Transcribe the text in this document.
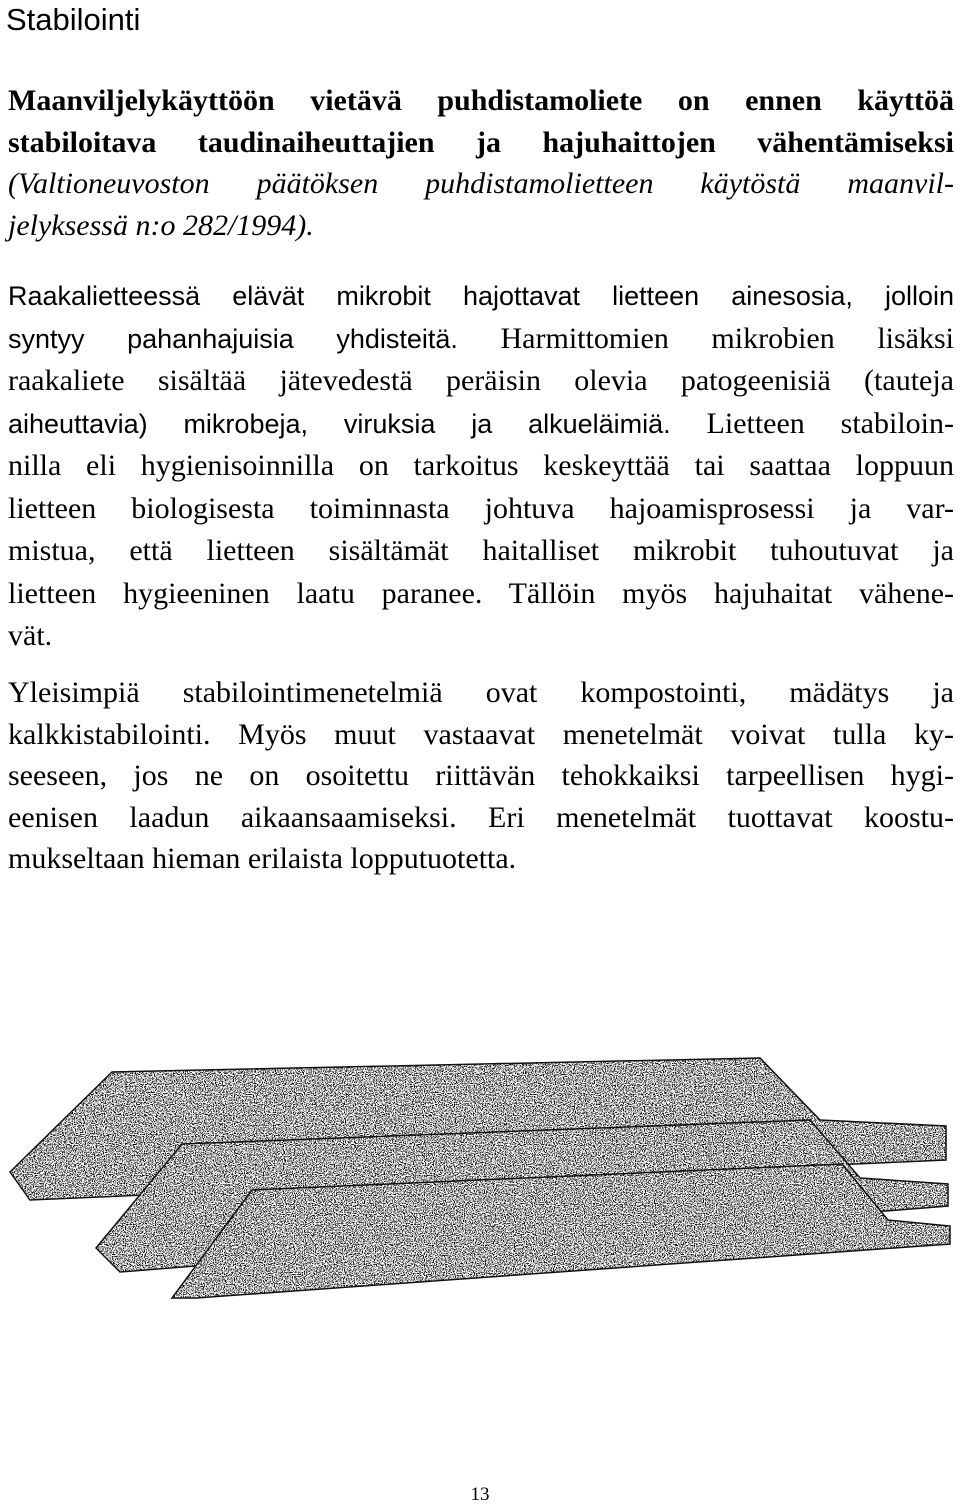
Stabilointi
Maanviljelykäyttöön vietävä puhdistamoliete on ennen käyttöä
stabiloitava taudinaiheuttajien ja hajuhaittojen vähentämiseksi
(Valtioneuvoston päätöksen puhdistamolietteen käytöstä maanvil-
jelyksessä n:o 282/1994).
Raakalietteessä elävät mikrobit hajottavat lietteen ainesosia, jolloin
syntyy pahanhajuisia yhdisteitä. Harmittomien mikrobien lisäksi
raakaliete sisältää jätevedestä peräisin olevia patogeenisiä (tauteja
aiheuttavia) mikrobeja, viruksia ja alkueläimiä. Lietteen stabiloin-
nilla eli hygienisoinnilla on tarkoitus keskeyttää tai saattaa loppuun
lietteen biologisesta toiminnasta johtuva hajoamisprosessi ja var-
mistua, että lietteen sisältämät haitalliset mikrobit tuhoutuvat ja
lietteen hygieeninen laatu paranee. Tällöin myös hajuhaitat vähene-
vät.
Yleisimpiä stabilointimenetelmiä ovat kompostointi, mädätys ja
kalkkistabilointi. Myös muut vastaavat menetelmät voivat tulla ky-
seeseen, jos ne on osoitettu riittävän tehokkaiksi tarpeellisen hygi-
eenisen laadun aikaansaamiseksi. Eri menetelmät tuottavat koostu-
mukseltaan hieman erilaista lopputuotetta.
13
